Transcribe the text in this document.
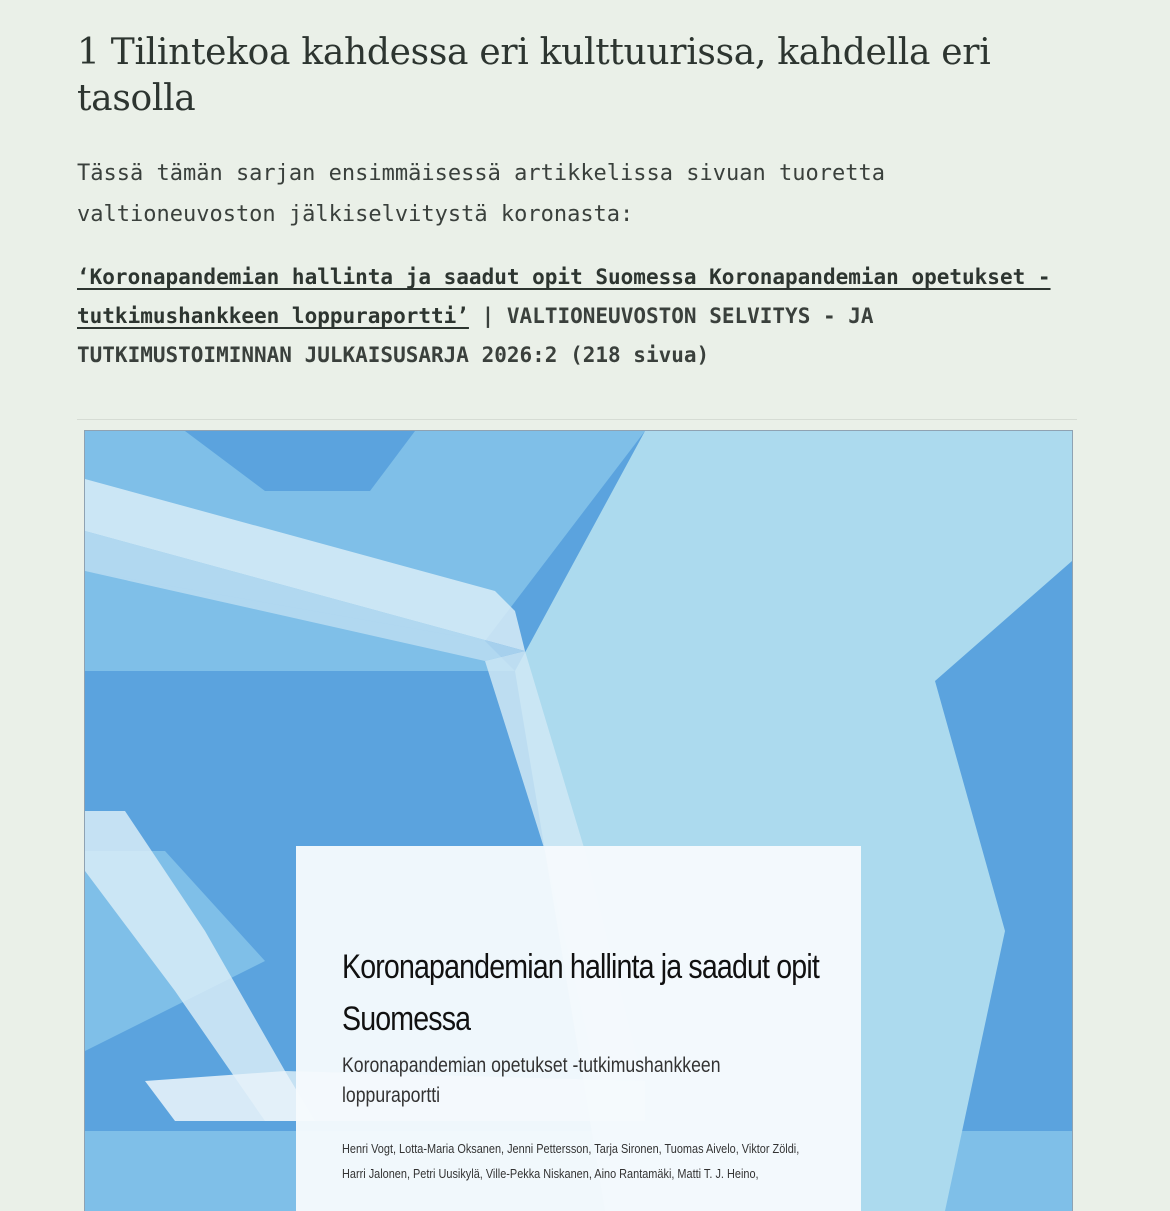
1 Tilintekoa kahdessa eri kulttuurissa, kahdella eri tasolla

Tässä tämän sarjan ensimmäisessä artikkelissa sivuan tuoretta valtioneuvoston jälkiselvitystä koronasta:

‘Koronapandemian hallinta ja saadut opit Suomessa Koronapandemian opetukset -tutkimushankkeen loppuraportti’ | VALTIONEUVOSTON SELVITYS - JA TUTKIMUSTOIMINNAN JULKAISUSARJA 2026:2 (218 sivua)

Koronapandemian hallinta ja saadut opit Suomessa

Koronapandemian opetukset -tutkimushankkeen loppuraportti

Henri Vogt, Lotta-Maria Oksanen, Jenni Pettersson, Tarja Sironen, Tuomas Aivelo, Viktor Zöldi, Harri Jalonen, Petri Uusikylä, Ville-Pekka Niskanen, Aino Rantamäki, Matti T. J. Heino,
